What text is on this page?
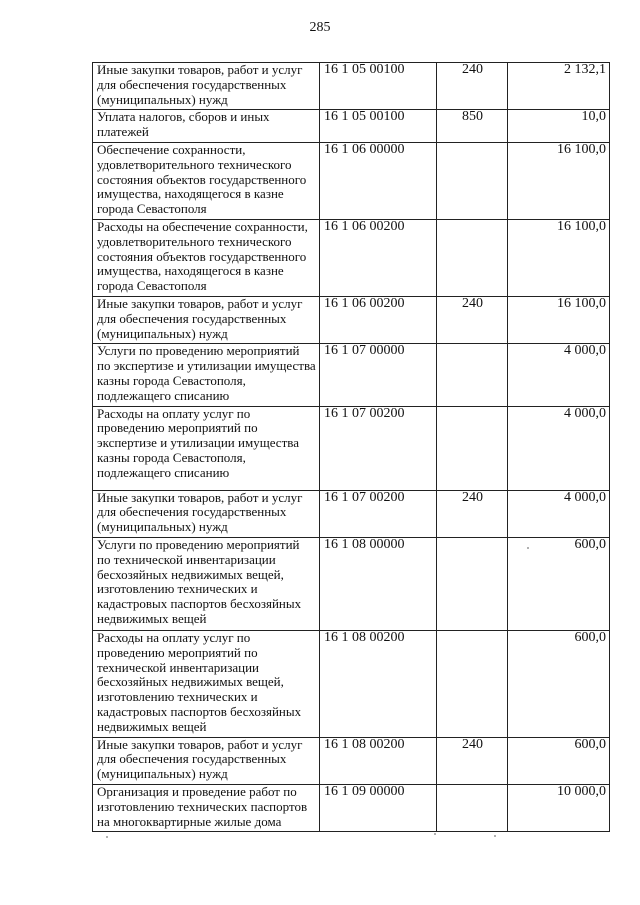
285
Иные закупки товаров, работ и услуг для обеспечения государственных (муниципальных) нужд	16 1 05 00100	240	2 132,1
Уплата налогов, сборов и иных платежей	16 1 05 00100	850	10,0
Обеспечение сохранности, удовлетворительного технического состояния объектов государственного имущества, находящегося в казне города Севастополя	16 1 06 00000		16 100,0
Расходы на обеспечение сохранности, удовлетворительного технического состояния объектов государственного имущества, находящегося в казне города Севастополя	16 1 06 00200		16 100,0
Иные закупки товаров, работ и услуг для обеспечения государственных (муниципальных) нужд	16 1 06 00200	240	16 100,0
Услуги по проведению мероприятий по экспертизе и утилизации имущества казны города Севастополя, подлежащего списанию	16 1 07 00000		4 000,0
Расходы на оплату услуг по проведению мероприятий по экспертизе и утилизации имущества казны города Севастополя, подлежащего списанию	16 1 07 00200		4 000,0
Иные закупки товаров, работ и услуг для обеспечения государственных (муниципальных) нужд	16 1 07 00200	240	4 000,0
Услуги по проведению мероприятий по технической инвентаризации бесхозяйных недвижимых вещей, изготовлению технических и кадастровых паспортов бесхозяйных недвижимых вещей	16 1 08 00000		600,0
Расходы на оплату услуг по проведению мероприятий по технической инвентаризации бесхозяйных недвижимых вещей, изготовлению технических и кадастровых паспортов бесхозяйных недвижимых вещей	16 1 08 00200		600,0
Иные закупки товаров, работ и услуг для обеспечения государственных (муниципальных) нужд	16 1 08 00200	240	600,0
Организация и проведение работ по изготовлению технических паспортов на многоквартирные жилые дома	16 1 09 00000		10 000,0
